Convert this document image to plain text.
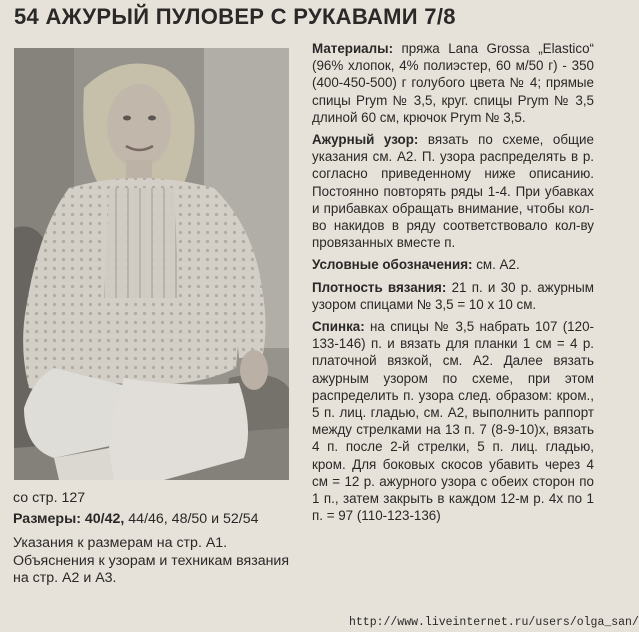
54 АЖУРЫЙ ПУЛОВЕР С РУКАВАМИ 7/8

со стр. 127

Размеры: 40/42, 44/46, 48/50 и 52/54

Указания к размерам на стр. А1. Объяснения к узорам и техникам вязания на стр. А2 и А3.

Материалы: пряжа Lana Grossa „Elastico“ (96% хлопок, 4% полиэстер, 60 м/50 г) - 350 (400-450-500) г голубого цвета № 4; прямые спицы Prym № 3,5, круг. спицы Prym № 3,5 длиной 60 см, крючок Prym № 3,5.

Ажурный узор: вязать по схеме, общие указания см. А2. П. узора распределять в р. согласно приведенному ниже описанию. Постоянно повторять ряды 1-4. При убавках и прибавках обращать внимание, чтобы кол-во накидов в ряду соответствовало кол-ву провязанных вместе п.

Условные обозначения: см. А2.

Плотность вязания: 21 п. и 30 р. ажурным узором спицами № 3,5 = 10 х 10 см.

Спинка: на спицы № 3,5 набрать 107 (120-133-146) п. и вязать для планки 1 см = 4 р. платочной вязкой, см. А2. Далее вязать ажурным узором по схеме, при этом распределить п. узора след. образом: кром., 5 п. лиц. гладью, см. А2, выполнить раппорт между стрелками на 13 п. 7 (8-9-10)х, вязать 4 п. после 2-й стрелки, 5 п. лиц. гладью, кром. Для боковых скосов убавить через 4 см = 12 р. ажурного узора с обеих сторон по 1 п., затем закрыть в каждом 12-м р. 4х по 1 п. = 97 (110-123-136)

http://www.liveinternet.ru/users/olga_san/
